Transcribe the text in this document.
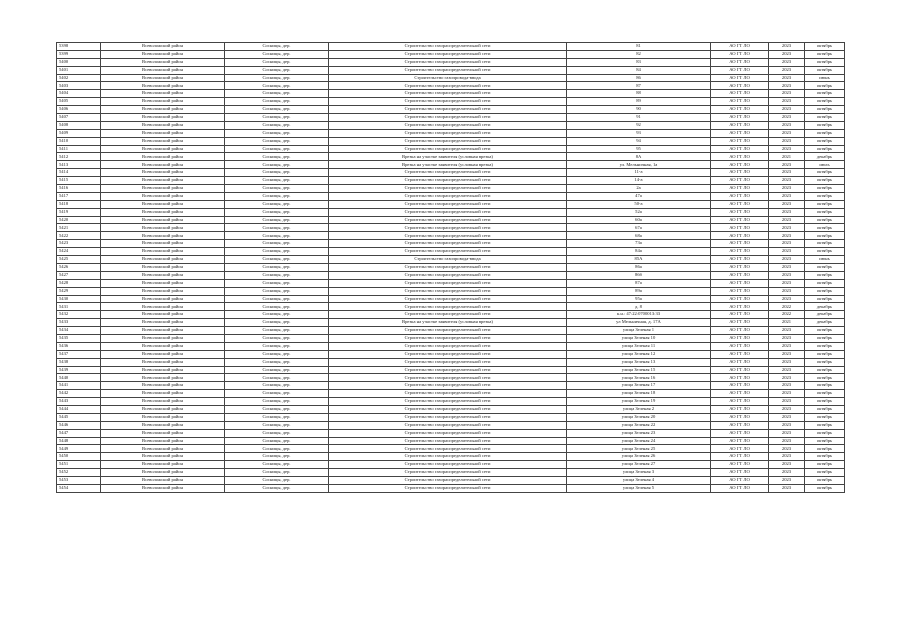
5398	Всеволожский район	Сосницы, дер.	Строительство газораспределительной сети	81	АО ГТ ЛО	2023	октябрь
5399	Всеволожский район	Сосницы, дер.	Строительство газораспределительной сети	82	АО ГТ ЛО	2023	октябрь
5400	Всеволожский район	Сосницы, дер.	Строительство газораспределительной сети	83	АО ГТ ЛО	2023	октябрь
5401	Всеволожский район	Сосницы, дер.	Строительство газораспределительной сети	84	АО ГТ ЛО	2023	октябрь
5402	Всеволожский район	Сосницы, дер.	Строительство газопровода-ввода	86	АО ГТ ЛО	2023	июнь
5403	Всеволожский район	Сосницы, дер.	Строительство газораспределительной сети	87	АО ГТ ЛО	2023	октябрь
5404	Всеволожский район	Сосницы, дер.	Строительство газораспределительной сети	88	АО ГТ ЛО	2023	октябрь
5405	Всеволожский район	Сосницы, дер.	Строительство газораспределительной сети	89	АО ГТ ЛО	2023	октябрь
5406	Всеволожский район	Сосницы, дер.	Строительство газораспределительной сети	90	АО ГТ ЛО	2023	октябрь
5407	Всеволожский район	Сосницы, дер.	Строительство газораспределительной сети	91	АО ГТ ЛО	2023	октябрь
5408	Всеволожский район	Сосницы, дер.	Строительство газораспределительной сети	92	АО ГТ ЛО	2023	октябрь
5409	Всеволожский район	Сосницы, дер.	Строительство газораспределительной сети	93	АО ГТ ЛО	2023	октябрь
5410	Всеволожский район	Сосницы, дер.	Строительство газораспределительной сети	94	АО ГТ ЛО	2023	октябрь
5411	Всеволожский район	Сосницы, дер.	Строительство газораспределительной сети	95	АО ГТ ЛО	2023	октябрь
5412	Всеволожский район	Сосницы, дер.	Врезка на участке заявителя (условная врезка)	8А	АО ГТ ЛО	2021	декабрь
5413	Всеволожский район	Сосницы, дер.	Врезка на участке заявителя (условная врезка)	ул. Мельничная, 1а	АО ГТ ЛО	2023	июль
5414	Всеволожский район	Сосницы, дер.	Строительство газораспределительной сети	11-а	АО ГТ ЛО	2023	октябрь
5415	Всеволожский район	Сосницы, дер.	Строительство газораспределительной сети	14-а	АО ГТ ЛО	2023	октябрь
5416	Всеволожский район	Сосницы, дер.	Строительство газораспределительной сети	2а	АО ГТ ЛО	2023	октябрь
5417	Всеволожский район	Сосницы, дер.	Строительство газораспределительной сети	47а	АО ГТ ЛО	2023	октябрь
5418	Всеволожский район	Сосницы, дер.	Строительство газораспределительной сети	50-а	АО ГТ ЛО	2023	октябрь
5419	Всеволожский район	Сосницы, дер.	Строительство газораспределительной сети	52а	АО ГТ ЛО	2023	октябрь
5420	Всеволожский район	Сосницы, дер.	Строительство газораспределительной сети	60а	АО ГТ ЛО	2023	октябрь
5421	Всеволожский район	Сосницы, дер.	Строительство газораспределительной сети	67а	АО ГТ ЛО	2023	октябрь
5422	Всеволожский район	Сосницы, дер.	Строительство газораспределительной сети	68а	АО ГТ ЛО	2023	октябрь
5423	Всеволожский район	Сосницы, дер.	Строительство газораспределительной сети	73а	АО ГТ ЛО	2023	октябрь
5424	Всеволожский район	Сосницы, дер.	Строительство газораспределительной сети	84а	АО ГТ ЛО	2023	октябрь
5425	Всеволожский район	Сосницы, дер.	Строительство газопровода-ввода	85А	АО ГТ ЛО	2023	июнь
5426	Всеволожский район	Сосницы, дер.	Строительство газораспределительной сети	86а	АО ГТ ЛО	2023	октябрь
5427	Всеволожский район	Сосницы, дер.	Строительство газораспределительной сети	86б	АО ГТ ЛО	2023	октябрь
5428	Всеволожский район	Сосницы, дер.	Строительство газораспределительной сети	87а	АО ГТ ЛО	2023	октябрь
5429	Всеволожский район	Сосницы, дер.	Строительство газораспределительной сети	89а	АО ГТ ЛО	2023	октябрь
5430	Всеволожский район	Сосницы, дер.	Строительство газораспределительной сети	95а	АО ГТ ЛО	2023	октябрь
5431	Всеволожский район	Сосницы, дер.	Строительство газораспределительной сети	д. 8	АО ГТ ЛО	2022	декабрь
5432	Всеволожский район	Сосницы, дер.	Строительство газораспределительной сети	к.н.: 47:22:0700013:33	АО ГТ ЛО	2022	декабрь
5433	Всеволожский район	Сосницы, дер.	Врезка на участке заявителя (условная врезка)	ул Мельничная, д. 17А	АО ГТ ЛО	2021	декабрь
5434	Всеволожский район	Сосницы, дер.	Строительство газораспределительной сети	улица Зеленая 1	АО ГТ ЛО	2023	октябрь
5435	Всеволожский район	Сосницы, дер.	Строительство газораспределительной сети	улица Зеленая 10	АО ГТ ЛО	2023	октябрь
5436	Всеволожский район	Сосницы, дер.	Строительство газораспределительной сети	улица Зеленая 11	АО ГТ ЛО	2023	октябрь
5437	Всеволожский район	Сосницы, дер.	Строительство газораспределительной сети	улица Зеленая 12	АО ГТ ЛО	2023	октябрь
5438	Всеволожский район	Сосницы, дер.	Строительство газораспределительной сети	улица Зеленая 13	АО ГТ ЛО	2023	октябрь
5439	Всеволожский район	Сосницы, дер.	Строительство газораспределительной сети	улица Зеленая 15	АО ГТ ЛО	2023	октябрь
5440	Всеволожский район	Сосницы, дер.	Строительство газораспределительной сети	улица Зеленая 16	АО ГТ ЛО	2023	октябрь
5441	Всеволожский район	Сосницы, дер.	Строительство газораспределительной сети	улица Зеленая 17	АО ГТ ЛО	2023	октябрь
5442	Всеволожский район	Сосницы, дер.	Строительство газораспределительной сети	улица Зеленая 18	АО ГТ ЛО	2023	октябрь
5443	Всеволожский район	Сосницы, дер.	Строительство газораспределительной сети	улица Зеленая 19	АО ГТ ЛО	2023	октябрь
5444	Всеволожский район	Сосницы, дер.	Строительство газораспределительной сети	улица Зеленая 2	АО ГТ ЛО	2023	октябрь
5445	Всеволожский район	Сосницы, дер.	Строительство газораспределительной сети	улица Зеленая 20	АО ГТ ЛО	2023	октябрь
5446	Всеволожский район	Сосницы, дер.	Строительство газораспределительной сети	улица Зеленая 22	АО ГТ ЛО	2023	октябрь
5447	Всеволожский район	Сосницы, дер.	Строительство газораспределительной сети	улица Зеленая 23	АО ГТ ЛО	2023	октябрь
5448	Всеволожский район	Сосницы, дер.	Строительство газораспределительной сети	улица Зеленая 24	АО ГТ ЛО	2023	октябрь
5449	Всеволожский район	Сосницы, дер.	Строительство газораспределительной сети	улица Зеленая 25	АО ГТ ЛО	2023	октябрь
5450	Всеволожский район	Сосницы, дер.	Строительство газораспределительной сети	улица Зеленая 26	АО ГТ ЛО	2023	октябрь
5451	Всеволожский район	Сосницы, дер.	Строительство газораспределительной сети	улица Зеленая 27	АО ГТ ЛО	2023	октябрь
5452	Всеволожский район	Сосницы, дер.	Строительство газораспределительной сети	улица Зеленая 3	АО ГТ ЛО	2023	октябрь
5453	Всеволожский район	Сосницы, дер.	Строительство газораспределительной сети	улица Зеленая 4	АО ГТ ЛО	2023	октябрь
5454	Всеволожский район	Сосницы, дер.	Строительство газораспределительной сети	улица Зеленая 5	АО ГТ ЛО	2023	октябрь
